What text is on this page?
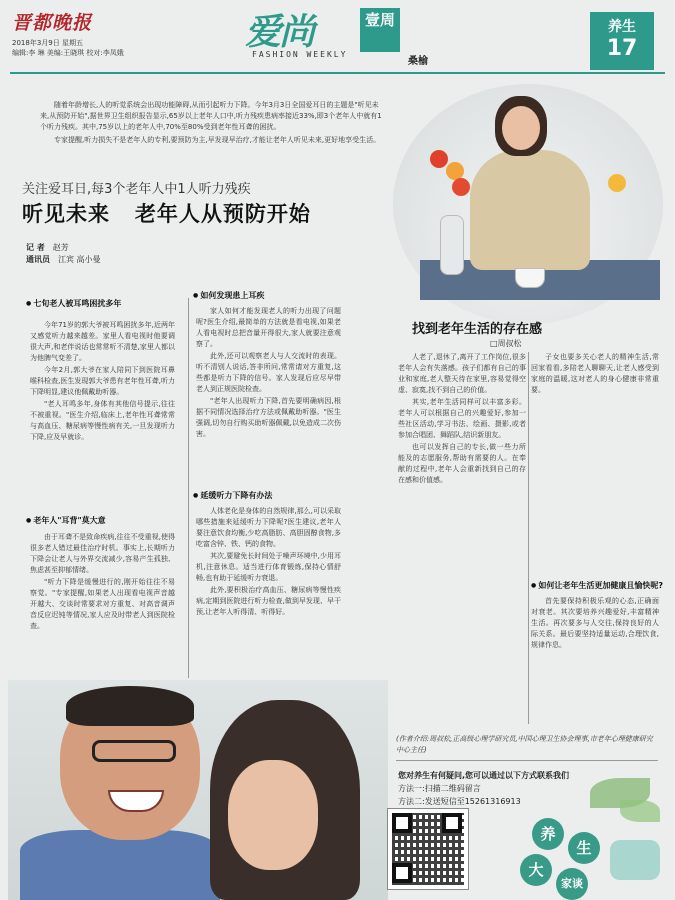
晋都晚报
2018年3月9日 星期五
编辑:李 琳 美编:王晓琪 校对:李凤娥	爱尚	壹周
FASHION WEEKLY
桑榆
养生
17

随着年龄增长,人的听觉系统会出现功能障碍,从而引起听力下降。今年3月3日全国爱耳日的主题是"听见未来,从预防开始",据世界卫生组织报告显示,65岁以上老年人口中,听力残疾患病率接近33%,即3个老年人中就有1个听力残疾。其中,75岁以上的老年人中,70%至80%受到老年性耳聋的困扰。

专家提醒,听力损失不是老年人的专利,要预防为主,早发现早治疗,才能让老年人听见未来,更好地享受生活。

找到老年生活的存在感
□周叔松
关注爱耳日,每3个老年人中1人听力残疾
听见未来   老年人从预防开始
记 者 赵芳
通讯员 江宾 高小曼
● 七旬老人被耳鸣困扰多年

今年71岁的郭大爷被耳鸣困扰多年,近两年又感觉听力越来越差。家里人看电视时他要调很大声,和老伴说话也常常听不清楚,家里人都以为他脾气变差了。

今年2月,郭大爷在家人陪同下到医院耳鼻喉科检查,医生发现郭大爷患有老年性耳聋,听力下降明显,建议他佩戴助听器。

"老人耳鸣多年,身体有其他信号提示,往往不被重视。"医生介绍,临床上,老年性耳聋常常与高血压、糖尿病等慢性病有关,一旦发现听力下降,应及早就诊。

● 老年人"耳背"莫大意

由于耳聋不是致命疾病,往往不受重视,使得很多老人错过最佳治疗时机。事实上,长期听力下降会让老人与外界交流减少,容易产生孤独、焦虑甚至抑郁情绪。

"听力下降是缓慢进行的,刚开始往往不易察觉。"专家提醒,如果老人出现看电视声音越开越大、交谈时常要求对方重复、对高音调声音反应迟钝等情况,家人应及时带老人到医院检查。

● 如何发现患上耳疾

家人如何才能发现老人的听力出现了问题呢?医生介绍,最简单的方法就是看电视,如果老人看电视时总把音量开得很大,家人就要注意观察了。

此外,还可以观察老人与人交流时的表现。听不清别人说话,答非所问,常常请对方重复,这些都是听力下降的信号。家人发现后应尽早带老人到正规医院检查。

"老年人出现听力下降,首先要明确病因,根据不同情况选择治疗方法或佩戴助听器。"医生强调,切勿自行购买助听器佩戴,以免造成二次伤害。

● 延缓听力下降有办法

人体老化是身体的自然规律,那么,可以采取哪些措施来延缓听力下降呢?医生建议,老年人要注意饮食均衡,少吃高脂肪、高胆固醇食物,多吃富含锌、铁、钙的食物。

其次,要避免长时间处于噪声环境中,少用耳机,注意休息。适当进行体育锻炼,保持心情舒畅,也有助于延缓听力衰退。

此外,要积极治疗高血压、糖尿病等慢性疾病,定期到医院进行听力检查,做到早发现、早干预,让老年人听得清、听得好。

人老了,退休了,离开了工作岗位,很多老年人会有失落感。孩子们都有自己的事业和家庭,老人整天待在家里,容易觉得空虚、寂寞,找不到自己的价值。

其实,老年生活同样可以丰富多彩。老年人可以根据自己的兴趣爱好,参加一些社区活动,学习书法、绘画、摄影,或者参加合唱团、舞蹈队,结识新朋友。

也可以发挥自己的专长,做一些力所能及的志愿服务,帮助有需要的人。在奉献的过程中,老年人会重新找到自己的存在感和价值感。

子女也要多关心老人的精神生活,常回家看看,多陪老人聊聊天,让老人感受到家庭的温暖,这对老人的身心健康非常重要。

● 如何让老年生活更加健康且愉快呢?

首先要保持积极乐观的心态,正确面对衰老。其次要培养兴趣爱好,丰富精神生活。再次要多与人交往,保持良好的人际关系。最后要坚持适量运动,合理饮食,规律作息。

(作者介绍:周叔松,正高级心理学研究员,中国心理卫生协会理事,市老年心理健康研究中心主任)
您对养生有何疑问,您可以通过以下方式联系我们
方法一:扫描二维码留言
方法二:发送短信至15261316913
养
生
大
家谈
